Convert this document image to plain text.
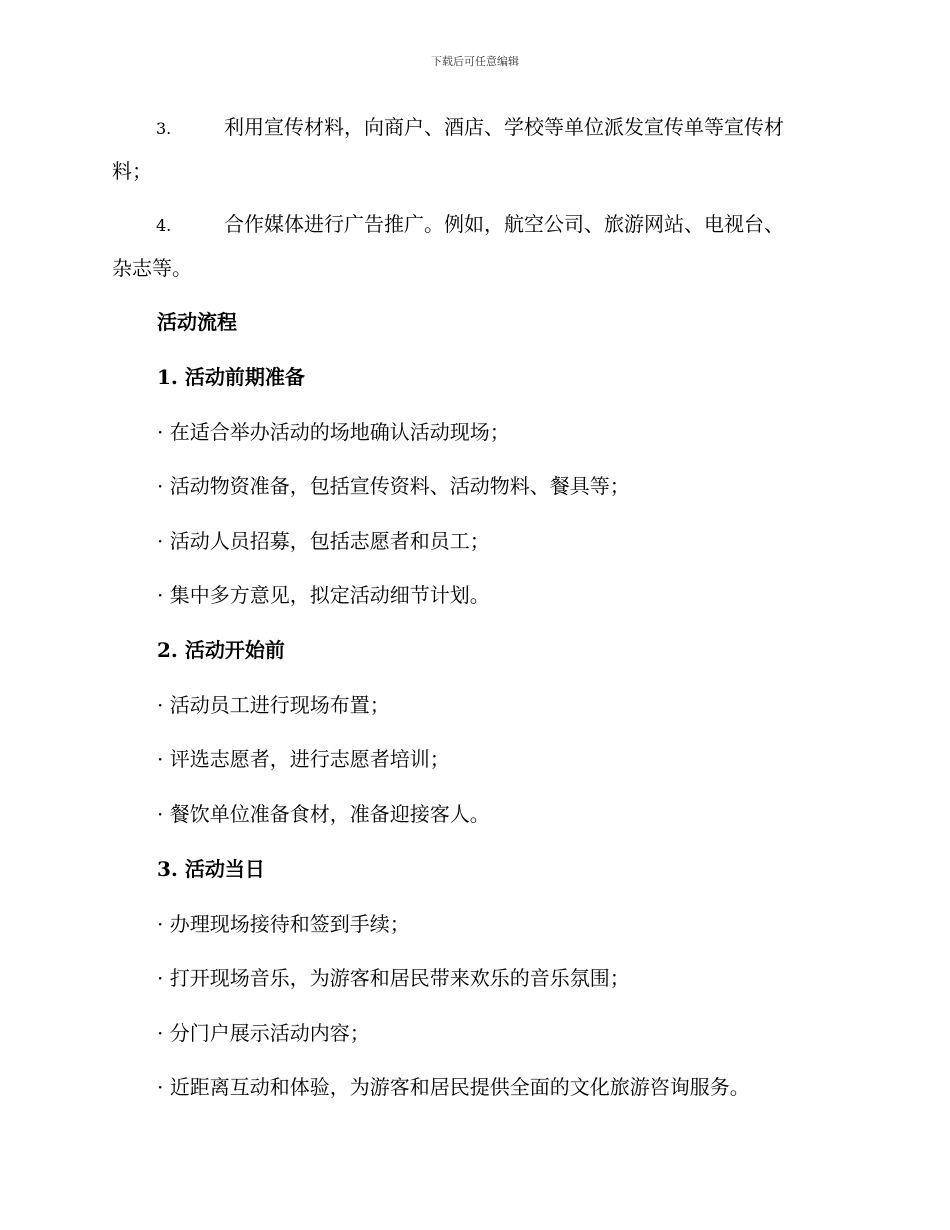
下载后可任意编辑
3.	利用宣传材料，向商户、酒店、学校等单位派发宣传单等宣传材
料；
4.	合作媒体进行广告推广。例如，航空公司、旅游网站、电视台、
杂志等。
活动流程
1. 活动前期准备
· 在适合举办活动的场地确认活动现场；
· 活动物资准备，包括宣传资料、活动物料、餐具等；
· 活动人员招募，包括志愿者和员工；
· 集中多方意见，拟定活动细节计划。
2. 活动开始前
· 活动员工进行现场布置；
· 评选志愿者，进行志愿者培训；
· 餐饮单位准备食材，准备迎接客人。
3. 活动当日
· 办理现场接待和签到手续；
· 打开现场音乐，为游客和居民带来欢乐的音乐氛围；
· 分门户展示活动内容；
· 近距离互动和体验，为游客和居民提供全面的文化旅游咨询服务。
